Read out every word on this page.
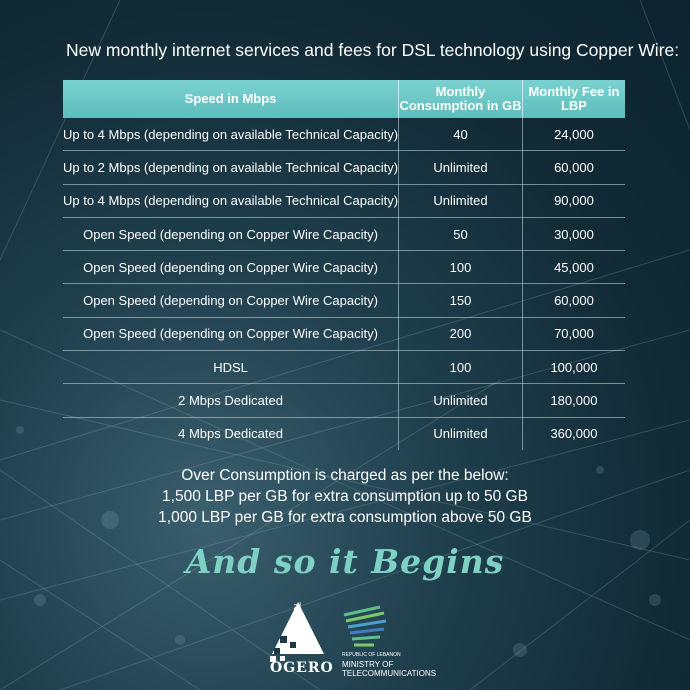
New monthly internet services and fees for DSL technology using Copper Wire:
Speed in Mbps	Monthly Consumption in GB	Monthly Fee in LBP
Up to 4 Mbps (depending on available Technical Capacity)	40	24,000
Up to 2 Mbps (depending on available Technical Capacity)	Unlimited	60,000
Up to 4 Mbps (depending on available Technical Capacity)	Unlimited	90,000
Open Speed (depending on Copper Wire Capacity)	50	30,000
Open Speed (depending on Copper Wire Capacity)	100	45,000
Open Speed (depending on Copper Wire Capacity)	150	60,000
Open Speed (depending on Copper Wire Capacity)	200	70,000
HDSL	100	100,000
2 Mbps Dedicated	Unlimited	180,000
4 Mbps Dedicated	Unlimited	360,000
Over Consumption is charged as per the below:
1,500 LBP per GB for extra consumption up to 50 GB
1,000 LBP per GB for extra consumption above 50 GB
And so it Begins
Telecom
OGERO
REPUBLIC OF LEBANON
MINISTRY OF
TELECOMMUNICATIONS
